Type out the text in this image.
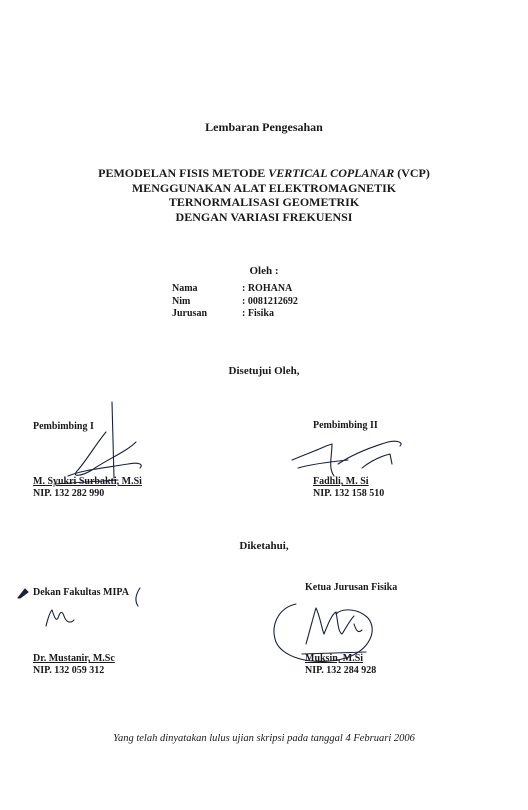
Lembaran Pengesahan
PEMODELAN FISIS METODE VERTICAL COPLANAR (VCP)
MENGGUNAKAN ALAT ELEKTROMAGNETIK
TERNORMALISASI GEOMETRIK
DENGAN VARIASI FREKUENSI
Oleh :
Nama	: ROHANA
Nim	: 0081212692
Jurusan	: Fisika
Disetujui Oleh,
Pembimbing I
M. Syukri Surbakti, M.Si
NIP. 132 282 990
Pembimbing II
Fadhli, M. Si
NIP. 132 158 510
Diketahui,
Dekan Fakultas MIPA
Dr. Mustanir, M.Sc
NIP. 132 059 312
Ketua Jurusan Fisika
Muksin, M.Si
NIP. 132 284 928
Yang telah dinyatakan lulus ujian skripsi pada tanggal 4 Februari 2006
